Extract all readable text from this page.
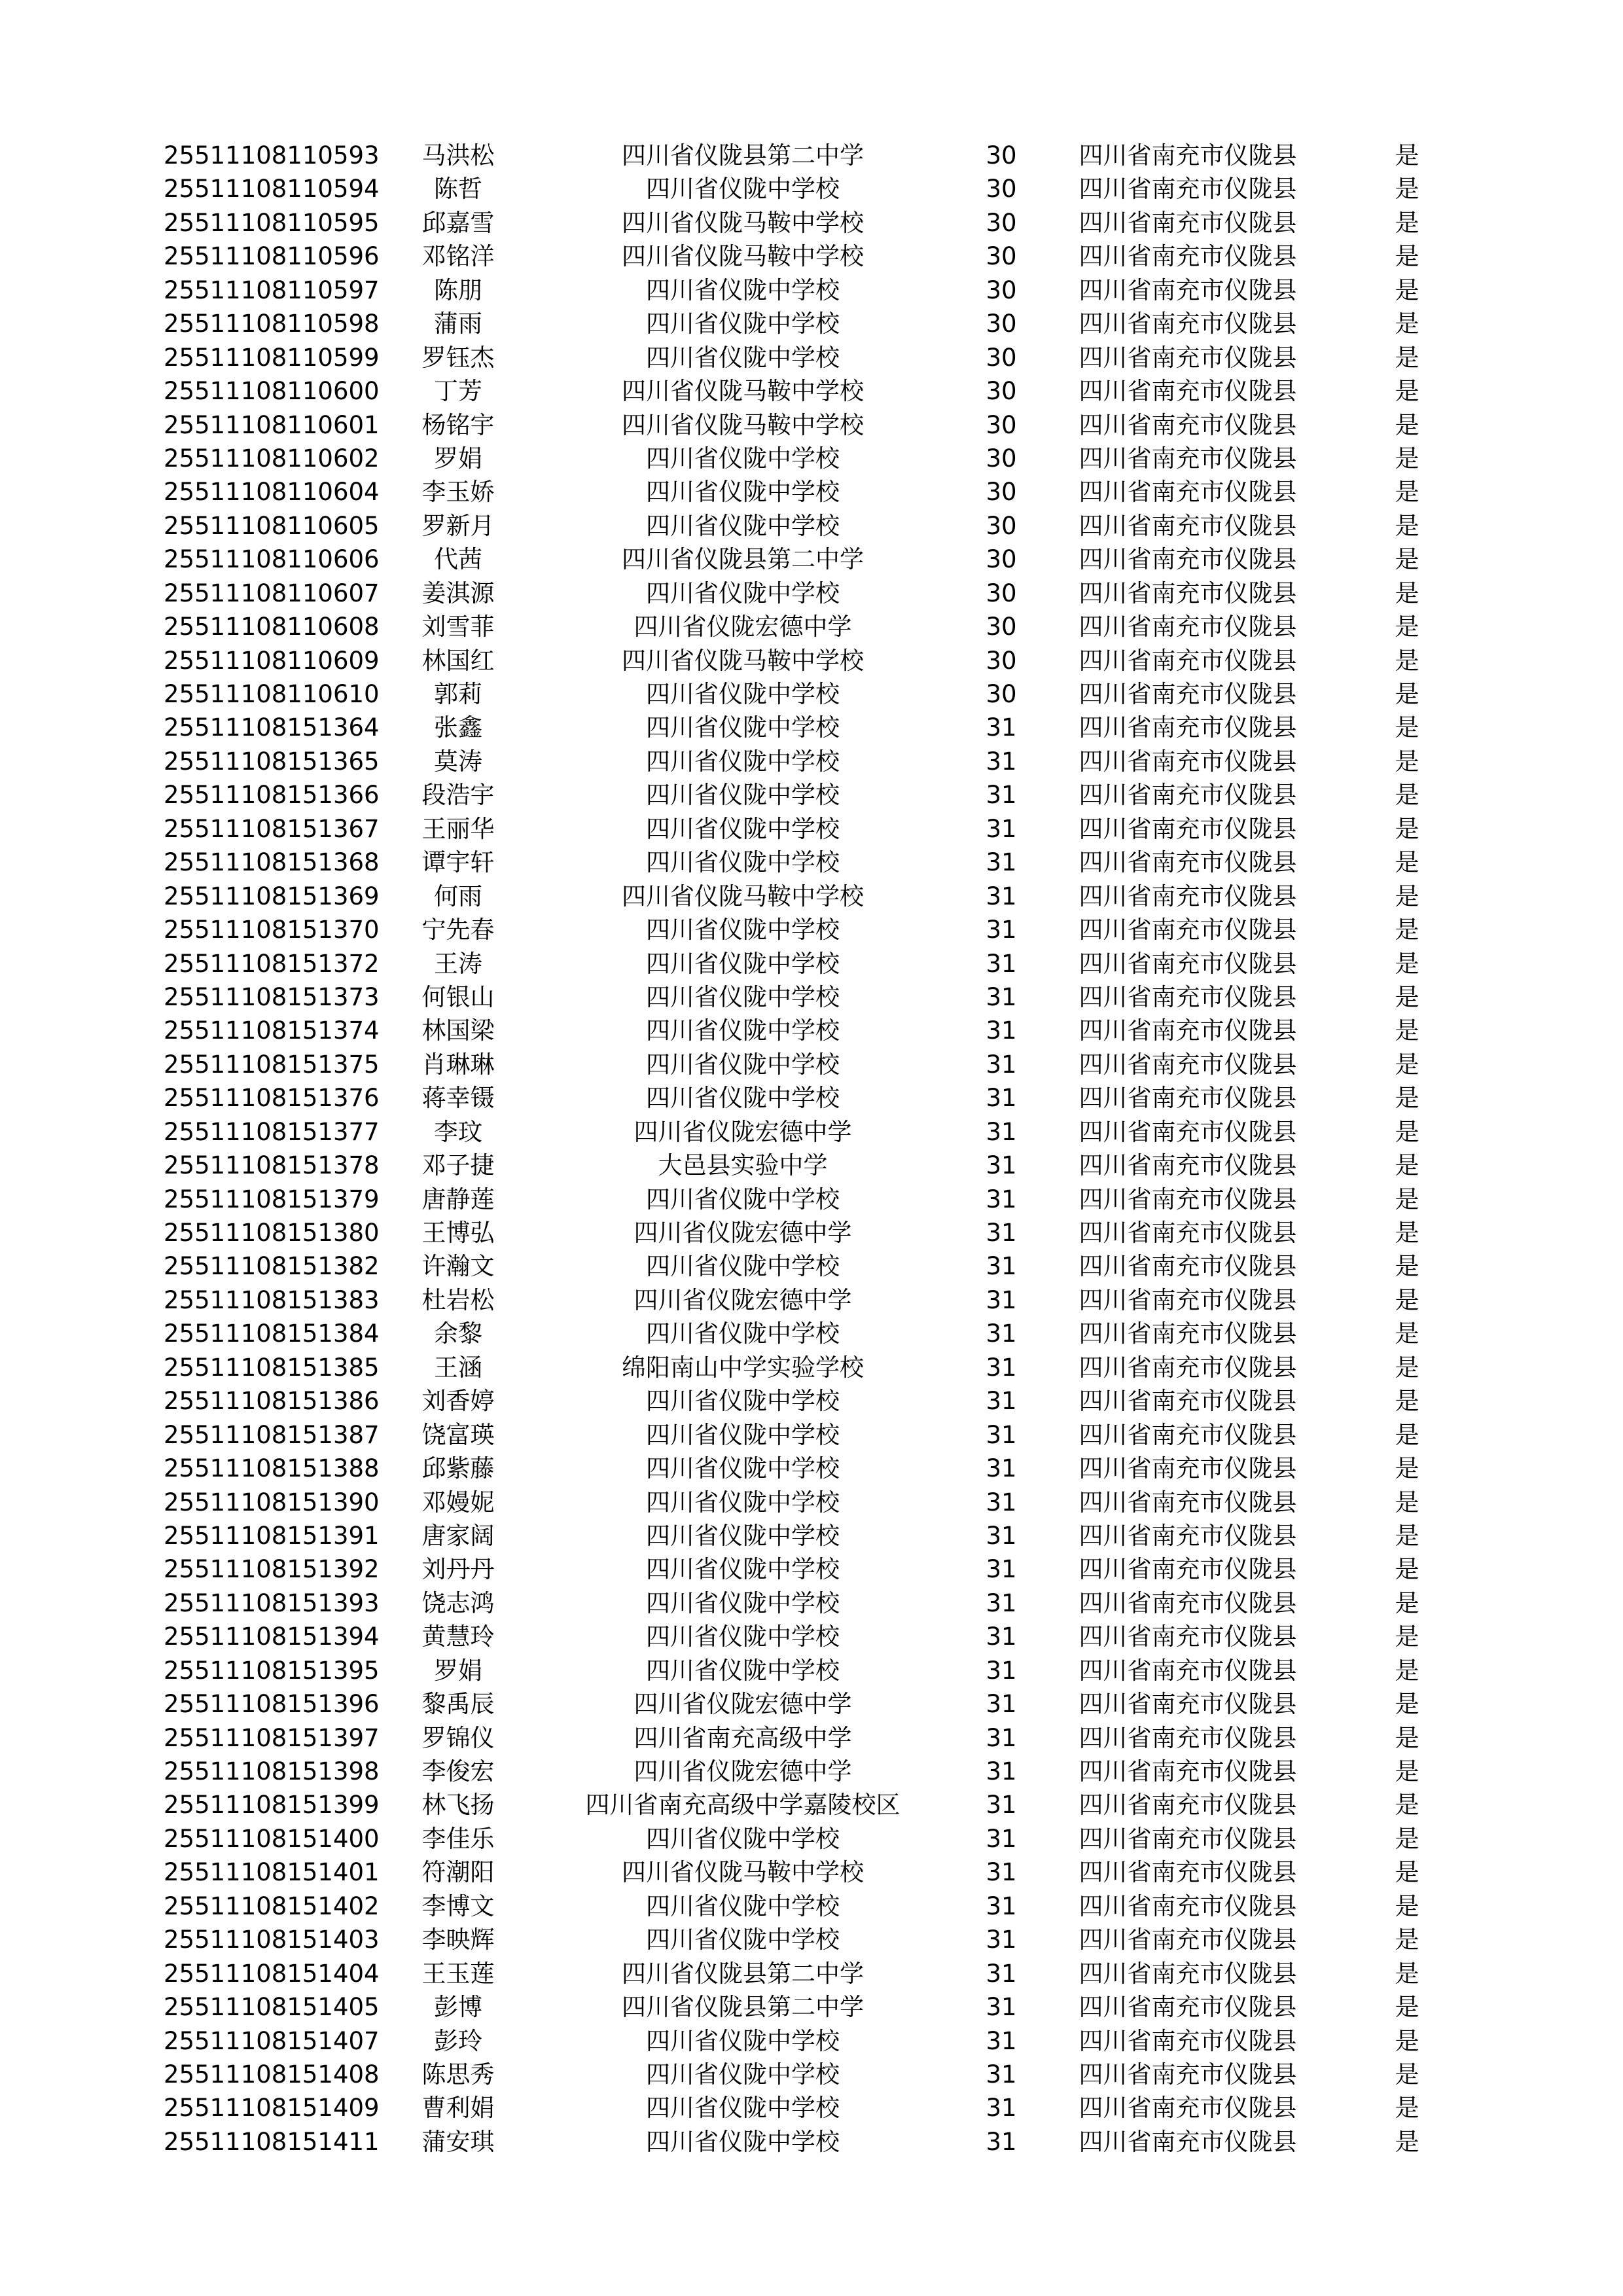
25511108110593	马洪松	四川省仪陇县第二中学	30	四川省南充市仪陇县	是
25511108110594	陈哲	四川省仪陇中学校	30	四川省南充市仪陇县	是
25511108110595	邱嘉雪	四川省仪陇马鞍中学校	30	四川省南充市仪陇县	是
25511108110596	邓铭洋	四川省仪陇马鞍中学校	30	四川省南充市仪陇县	是
25511108110597	陈朋	四川省仪陇中学校	30	四川省南充市仪陇县	是
25511108110598	蒲雨	四川省仪陇中学校	30	四川省南充市仪陇县	是
25511108110599	罗钰杰	四川省仪陇中学校	30	四川省南充市仪陇县	是
25511108110600	丁芳	四川省仪陇马鞍中学校	30	四川省南充市仪陇县	是
25511108110601	杨铭宇	四川省仪陇马鞍中学校	30	四川省南充市仪陇县	是
25511108110602	罗娟	四川省仪陇中学校	30	四川省南充市仪陇县	是
25511108110604	李玉娇	四川省仪陇中学校	30	四川省南充市仪陇县	是
25511108110605	罗新月	四川省仪陇中学校	30	四川省南充市仪陇县	是
25511108110606	代茜	四川省仪陇县第二中学	30	四川省南充市仪陇县	是
25511108110607	姜淇源	四川省仪陇中学校	30	四川省南充市仪陇县	是
25511108110608	刘雪菲	四川省仪陇宏德中学	30	四川省南充市仪陇县	是
25511108110609	林国红	四川省仪陇马鞍中学校	30	四川省南充市仪陇县	是
25511108110610	郭莉	四川省仪陇中学校	30	四川省南充市仪陇县	是
25511108151364	张鑫	四川省仪陇中学校	31	四川省南充市仪陇县	是
25511108151365	莫涛	四川省仪陇中学校	31	四川省南充市仪陇县	是
25511108151366	段浩宇	四川省仪陇中学校	31	四川省南充市仪陇县	是
25511108151367	王丽华	四川省仪陇中学校	31	四川省南充市仪陇县	是
25511108151368	谭宇轩	四川省仪陇中学校	31	四川省南充市仪陇县	是
25511108151369	何雨	四川省仪陇马鞍中学校	31	四川省南充市仪陇县	是
25511108151370	宁先春	四川省仪陇中学校	31	四川省南充市仪陇县	是
25511108151372	王涛	四川省仪陇中学校	31	四川省南充市仪陇县	是
25511108151373	何银山	四川省仪陇中学校	31	四川省南充市仪陇县	是
25511108151374	林国梁	四川省仪陇中学校	31	四川省南充市仪陇县	是
25511108151375	肖琳琳	四川省仪陇中学校	31	四川省南充市仪陇县	是
25511108151376	蒋幸镊	四川省仪陇中学校	31	四川省南充市仪陇县	是
25511108151377	李玟	四川省仪陇宏德中学	31	四川省南充市仪陇县	是
25511108151378	邓子捷	大邑县实验中学	31	四川省南充市仪陇县	是
25511108151379	唐静莲	四川省仪陇中学校	31	四川省南充市仪陇县	是
25511108151380	王博弘	四川省仪陇宏德中学	31	四川省南充市仪陇县	是
25511108151382	许瀚文	四川省仪陇中学校	31	四川省南充市仪陇县	是
25511108151383	杜岩松	四川省仪陇宏德中学	31	四川省南充市仪陇县	是
25511108151384	余黎	四川省仪陇中学校	31	四川省南充市仪陇县	是
25511108151385	王涵	绵阳南山中学实验学校	31	四川省南充市仪陇县	是
25511108151386	刘香婷	四川省仪陇中学校	31	四川省南充市仪陇县	是
25511108151387	饶富瑛	四川省仪陇中学校	31	四川省南充市仪陇县	是
25511108151388	邱紫藤	四川省仪陇中学校	31	四川省南充市仪陇县	是
25511108151390	邓嫚妮	四川省仪陇中学校	31	四川省南充市仪陇县	是
25511108151391	唐家阔	四川省仪陇中学校	31	四川省南充市仪陇县	是
25511108151392	刘丹丹	四川省仪陇中学校	31	四川省南充市仪陇县	是
25511108151393	饶志鸿	四川省仪陇中学校	31	四川省南充市仪陇县	是
25511108151394	黄慧玲	四川省仪陇中学校	31	四川省南充市仪陇县	是
25511108151395	罗娟	四川省仪陇中学校	31	四川省南充市仪陇县	是
25511108151396	黎禹辰	四川省仪陇宏德中学	31	四川省南充市仪陇县	是
25511108151397	罗锦仪	四川省南充高级中学	31	四川省南充市仪陇县	是
25511108151398	李俊宏	四川省仪陇宏德中学	31	四川省南充市仪陇县	是
25511108151399	林飞扬	四川省南充高级中学嘉陵校区	31	四川省南充市仪陇县	是
25511108151400	李佳乐	四川省仪陇中学校	31	四川省南充市仪陇县	是
25511108151401	符潮阳	四川省仪陇马鞍中学校	31	四川省南充市仪陇县	是
25511108151402	李博文	四川省仪陇中学校	31	四川省南充市仪陇县	是
25511108151403	李映辉	四川省仪陇中学校	31	四川省南充市仪陇县	是
25511108151404	王玉莲	四川省仪陇县第二中学	31	四川省南充市仪陇县	是
25511108151405	彭博	四川省仪陇县第二中学	31	四川省南充市仪陇县	是
25511108151407	彭玲	四川省仪陇中学校	31	四川省南充市仪陇县	是
25511108151408	陈思秀	四川省仪陇中学校	31	四川省南充市仪陇县	是
25511108151409	曹利娟	四川省仪陇中学校	31	四川省南充市仪陇县	是
25511108151411	蒲安琪	四川省仪陇中学校	31	四川省南充市仪陇县	是
